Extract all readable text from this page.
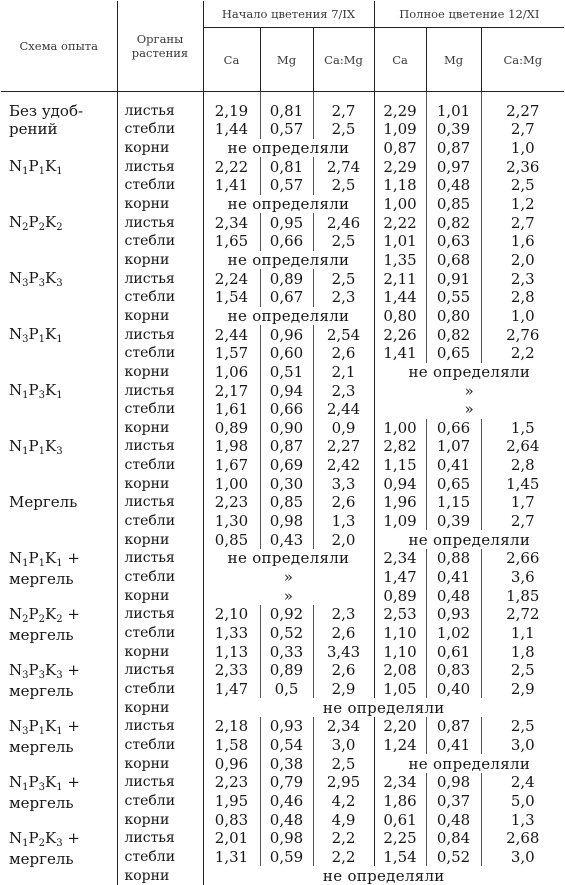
Схема опыта	Органы растения	Начало цветения 7/IX			Полное цветение 12/XI		
		Ca	Mg	Ca:Mg	Ca	Mg	Ca:Mg
Без удоб-
рений	листья	2,19	0,81	2,7	2,29	1,01	2,27
	стебли	1,44	0,57	2,5	1,09	0,39	2,7
	корни	не определяли			0,87	0,87	1,0
$N_1P_1K_1$	листья	2,22	0,81	2,74	2,29	0,97	2,36
	стебли	1,41	0,57	2,5	1,18	0,48	2,5
	корни	не определяли			1,00	0,85	1,2
$N_2P_2K_2$	листья	2,34	0,95	2,46	2,22	0,82	2,7
	стебли	1,65	0,66	2,5	1,01	0,63	1,6
	корни	не определяли			1,35	0,68	2,0
$N_3P_3K_3$	листья	2,24	0,89	2,5	2,11	0,91	2,3
	стебли	1,54	0,67	2,3	1,44	0,55	2,8
	корни	не определяли			0,80	0,80	1,0
$N_3P_1K_1$	листья	2,44	0,96	2,54	2,26	0,82	2,76
	стебли	1,57	0,60	2,6	1,41	0,65	2,2
	корни	1,06	0,51	2,1	не определяли		
$N_1P_3K_1$	листья	2,17	0,94	2,3	»		
	стебли	1,61	0,66	2,44	»		
	корни	0,89	0,90	0,9	1,00	0,66	1,5
$N_1P_1K_3$	листья	1,98	0,87	2,27	2,82	1,07	2,64
	стебли	1,67	0,69	2,42	1,15	0,41	2,8
	корни	1,00	0,30	3,3	0,94	0,65	1,45
Мергель	листья	2,23	0,85	2,6	1,96	1,15	1,7
	стебли	1,30	0,98	1,3	1,09	0,39	2,7
	корни	0,85	0,43	2,0	не определяли		
$N_1P_1K_1$ +
мергель	листья	не определяли			2,34	0,88	2,66
	стебли	»			1,47	0,41	3,6
	корни	»			0,89	0,48	1,85
$N_2P_2K_2$ +
мергель	листья	2,10	0,92	2,3	2,53	0,93	2,72
	стебли	1,33	0,52	2,6	1,10	1,02	1,1
	корни	1,13	0,33	3,43	1,10	0,61	1,8
$N_3P_3K_3$ +
мергель	листья	2,33	0,89	2,6	2,08	0,83	2,5
	стебли	1,47	0,5	2,9	1,05	0,40	2,9
	корни	не определяли					
$N_3P_1K_1$ +
мергель	листья	2,18	0,93	2,34	2,20	0,87	2,5
	стебли	1,58	0,54	3,0	1,24	0,41	3,0
	корни	0,96	0,38	2,5	не определяли		
$N_1P_3K_1$ +
мергель	листья	2,23	0,79	2,95	2,34	0,98	2,4
	стебли	1,95	0,46	4,2	1,86	0,37	5,0
	корни	0,83	0,48	4,9	0,61	0,48	1,3
$N_1P_2K_3$ +
мергель	листья	2,01	0,98	2,2	2,25	0,84	2,68
	стебли	1,31	0,59	2,2	1,54	0,52	3,0
	корни	не определяли					
